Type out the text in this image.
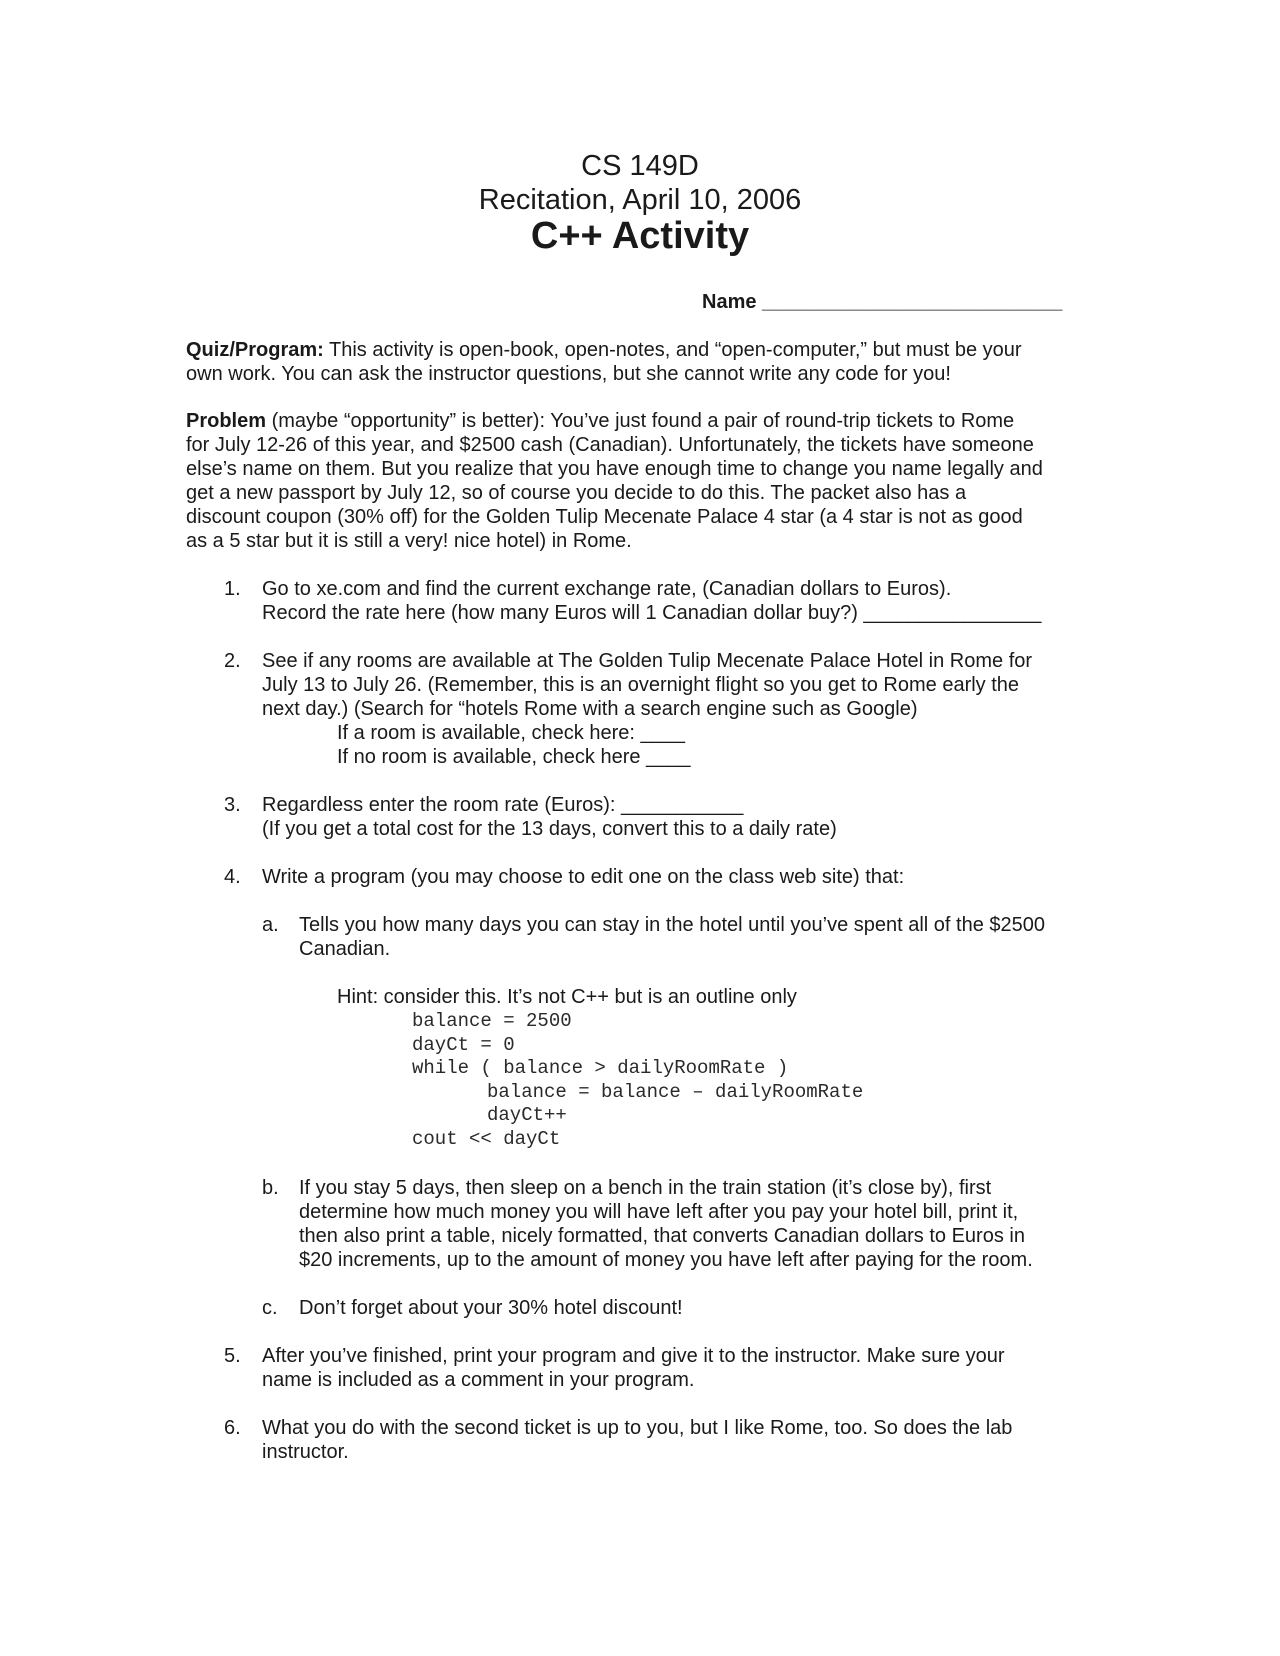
CS 149D
Recitation, April 10, 2006
C++ Activity
Name ___________________________
Quiz/Program: This activity is open-book, open-notes, and “open-computer,” but must be your
own work. You can ask the instructor questions, but she cannot write any code for you!
Problem (maybe “opportunity” is better): You’ve just found a pair of round-trip tickets to Rome
for July 12-26 of this year, and $2500 cash (Canadian). Unfortunately, the tickets have someone
else’s name on them. But you realize that you have enough time to change you name legally and
get a new passport by July 12, so of course you decide to do this. The packet also has a
discount coupon (30% off) for the Golden Tulip Mecenate Palace 4 star (a 4 star is not as good
as a 5 star but it is still a very! nice hotel) in Rome.
1. Go to xe.com and find the current exchange rate, (Canadian dollars to Euros).
Record the rate here (how many Euros will 1 Canadian dollar buy?) ________________
2. See if any rooms are available at The Golden Tulip Mecenate Palace Hotel in Rome for
July 13 to July 26. (Remember, this is an overnight flight so you get to Rome early the
next day.) (Search for “hotels Rome with a search engine such as Google)
If a room is available, check here: ____
If no room is available, check here ____
3. Regardless enter the room rate (Euros): ___________
(If you get a total cost for the 13 days, convert this to a daily rate)
4. Write a program (you may choose to edit one on the class web site) that:
a. Tells you how many days you can stay in the hotel until you’ve spent all of the $2500
Canadian.
Hint: consider this. It’s not C++ but is an outline only
balance = 2500
dayCt = 0
while ( balance > dailyRoomRate )
balance = balance – dailyRoomRate
dayCt++
cout << dayCt
b. If you stay 5 days, then sleep on a bench in the train station (it’s close by), first
determine how much money you will have left after you pay your hotel bill, print it,
then also print a table, nicely formatted, that converts Canadian dollars to Euros in
$20 increments, up to the amount of money you have left after paying for the room.
c. Don’t forget about your 30% hotel discount!
5. After you’ve finished, print your program and give it to the instructor. Make sure your
name is included as a comment in your program.
6. What you do with the second ticket is up to you, but I like Rome, too. So does the lab
instructor.
